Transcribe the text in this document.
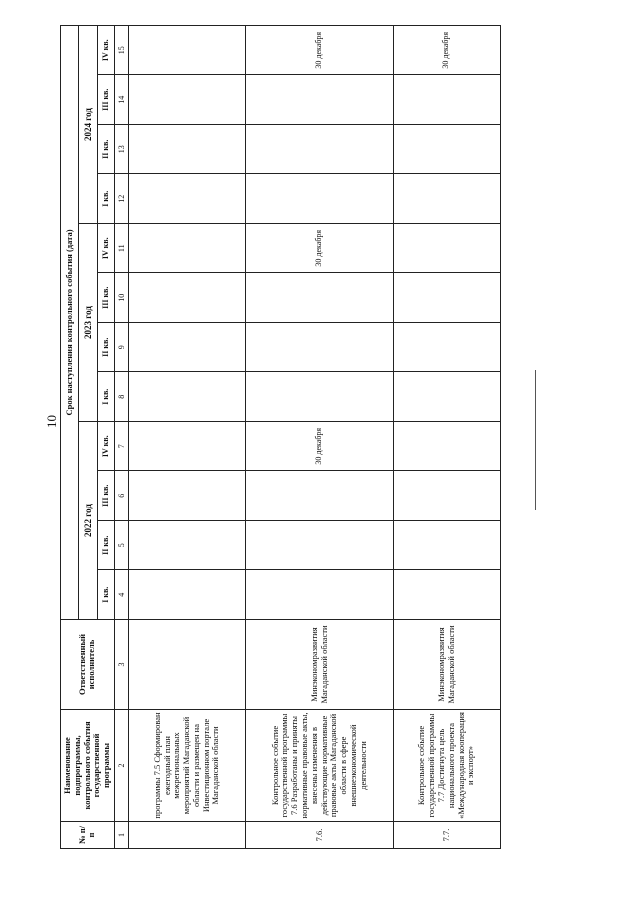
10
№ п/п	Наименование подпрограммы, контрольного события государственной программы	Ответственный исполнитель	Срок наступления контрольного события (дата)											
			2022 год				2023 год				2024 год			
			I кв.	II кв.	III кв.	IV кв.	I кв.	II кв.	III кв.	IV кв.	I кв.	II кв.	III кв.	IV кв.
1	2	3	4	5	6	7	8	9	10	11	12	13	14	15
	программы 7.5 Сформирован ежегодный план межрегиональных мероприятий Магаданской области и размещен на Инвестиционном портале Магаданской области													
7.6.	Контрольное событие государственной программы 7.6 Разработаны и приняты нормативные правовые акты, внесены изменения в действующие нормативные правовые акты Магаданской области в сфере внешнеэкономической деятельности	Минэкономразвития Магаданской области				30 декабря				30 декабря				30 декабря
7.7.	Контрольное событие государственной программы 7.7 Достигнута цель национального проекта «Международная кооперация и экспорт»	Минэкономразвития Магаданской области												30 декабря
